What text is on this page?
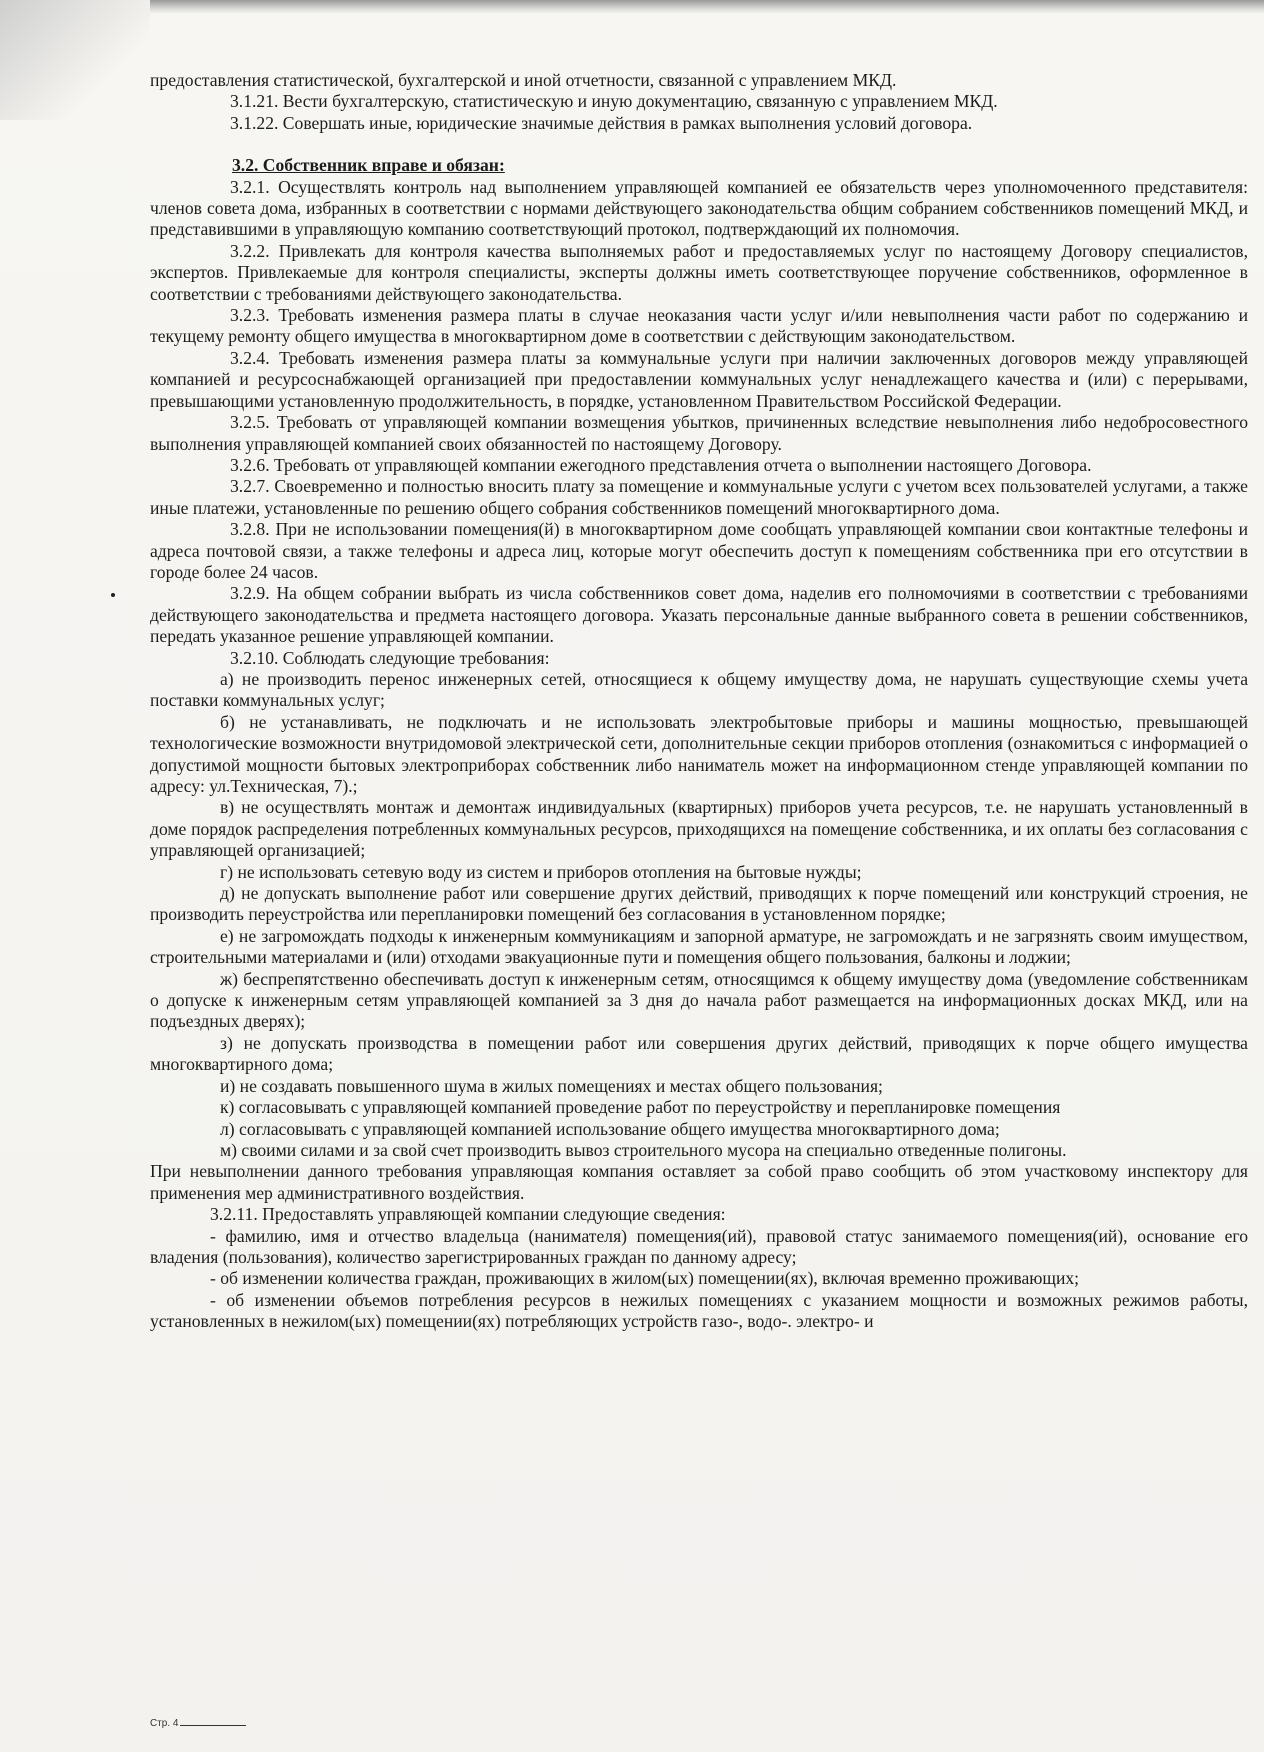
предоставления статистической, бухгалтерской и иной отчетности, связанной с управлением МКД.

3.1.21. Вести бухгалтерскую, статистическую и иную документацию, связанную с управлением МКД.

3.1.22. Совершать иные, юридические значимые действия в рамках выполнения условий договора.

3.2. Собственник вправе и обязан:

3.2.1. Осуществлять контроль над выполнением управляющей компанией ее обязательств через уполномоченного представителя: членов совета дома, избранных в соответствии с нормами действующего законодательства общим собранием собственников помещений МКД, и представившими в управляющую компанию соответствующий протокол, подтверждающий их полномочия.

3.2.2. Привлекать для контроля качества выполняемых работ и предоставляемых услуг по настоящему Договору специалистов, экспертов. Привлекаемые для контроля специалисты, эксперты должны иметь соответствующее поручение собственников, оформленное в соответствии с требованиями действующего законодательства.

3.2.3. Требовать изменения размера платы в случае неоказания части услуг и/или невыполнения части работ по содержанию и текущему ремонту общего имущества в многоквартирном доме в соответствии с действующим законодательством.

3.2.4. Требовать изменения размера платы за коммунальные услуги при наличии заключенных договоров между управляющей компанией и ресурсоснабжающей организацией при предоставлении коммунальных услуг ненадлежащего качества и (или) с перерывами, превышающими установленную продолжительность, в порядке, установленном Правительством Российской Федерации.

3.2.5. Требовать от управляющей компании возмещения убытков, причиненных вследствие невыполнения либо недобросовестного выполнения управляющей компанией своих обязанностей по настоящему Договору.

3.2.6. Требовать от управляющей компании ежегодного представления отчета о выполнении настоящего Договора.

3.2.7. Своевременно и полностью вносить плату за помещение и коммунальные услуги с учетом всех пользователей услугами, а также иные платежи, установленные по решению общего собрания собственников помещений многоквартирного дома.

3.2.8. При не использовании помещения(й) в многоквартирном доме сообщать управляющей компании свои контактные телефоны и адреса почтовой связи, а также телефоны и адреса лиц, которые могут обеспечить доступ к помещениям собственника при его отсутствии в городе более 24 часов.

3.2.9. На общем собрании выбрать из числа собственников совет дома, наделив его полномочиями в соответствии с требованиями действующего законодательства и предмета настоящего договора. Указать персональные данные выбранного совета в решении собственников, передать указанное решение управляющей компании.

3.2.10. Соблюдать следующие требования:

а) не производить перенос инженерных сетей, относящиеся к общему имуществу дома, не нарушать существующие схемы учета поставки коммунальных услуг;

б) не устанавливать, не подключать и не использовать электробытовые приборы и машины мощностью, превышающей технологические возможности внутридомовой электрической сети, дополнительные секции приборов отопления (ознакомиться с информацией о допустимой мощности бытовых электроприборах собственник либо наниматель может на информационном стенде управляющей компании по адресу: ул.Техническая, 7).;

в) не осуществлять монтаж и демонтаж индивидуальных (квартирных) приборов учета ресурсов, т.е. не нарушать установленный в доме порядок распределения потребленных коммунальных ресурсов, приходящихся на помещение собственника, и их оплаты без согласования с управляющей организацией;

г) не использовать сетевую воду из систем и приборов отопления на бытовые нужды;

д) не допускать выполнение работ или совершение других действий, приводящих к порче помещений или конструкций строения, не производить переустройства или перепланировки помещений без согласования в установленном порядке;

е) не загромождать подходы к инженерным коммуникациям и запорной арматуре, не загромождать и не загрязнять своим имуществом, строительными материалами и (или) отходами эвакуационные пути и помещения общего пользования, балконы и лоджии;

ж) беспрепятственно обеспечивать доступ к инженерным сетям, относящимся к общему имуществу дома (уведомление собственникам о допуске к инженерным сетям управляющей компанией за 3 дня до начала работ размещается на информационных досках МКД, или на подъездных дверях);

з) не допускать производства в помещении работ или совершения других действий, приводящих к порче общего имущества многоквартирного дома;

и) не создавать повышенного шума в жилых помещениях и местах общего пользования;

к) согласовывать с управляющей компанией проведение работ по переустройству и перепланировке помещения

л) согласовывать с управляющей компанией использование общего имущества многоквартирного дома;

м) своими силами и за свой счет производить вывоз строительного мусора на специально отведенные полигоны.

При невыполнении данного требования управляющая компания оставляет за собой право сообщить об этом участковому инспектору для применения мер административного воздействия.

3.2.11. Предоставлять управляющей компании следующие сведения:

- фамилию, имя и отчество владельца (нанимателя) помещения(ий), правовой статус занимаемого помещения(ий), основание его владения (пользования), количество зарегистрированных граждан по данному адресу;

- об изменении количества граждан, проживающих в жилом(ых) помещении(ях), включая временно проживающих;

- об изменении объемов потребления ресурсов в нежилых помещениях с указанием мощности и возможных режимов работы, установленных в нежилом(ых) помещении(ях) потребляющих устройств газо-, водо-. электро- и

Стр. 4
